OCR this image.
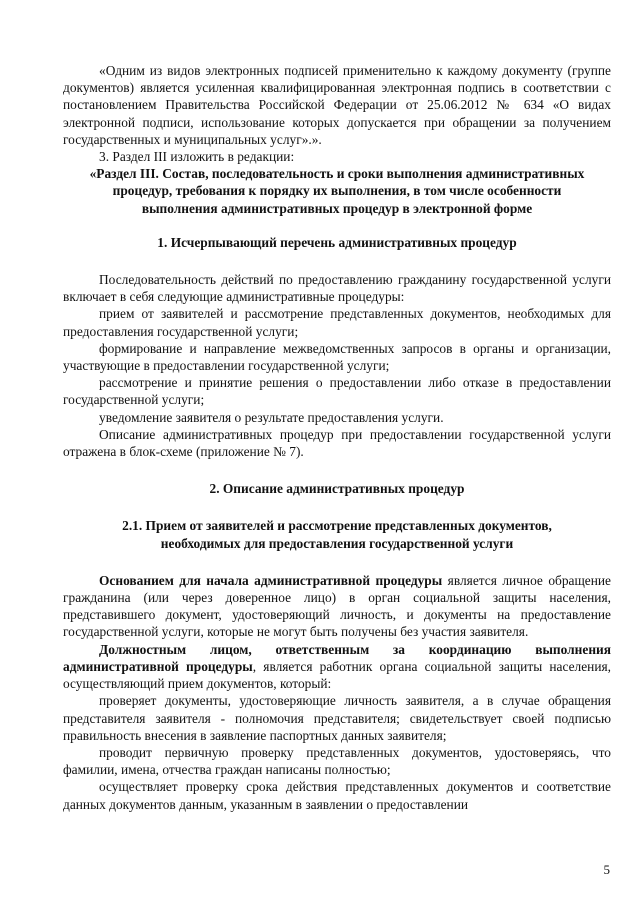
«Одним из видов электронных подписей применительно к каждому документу (группе документов) является усиленная квалифицированная электронная подпись в соответствии с постановлением Правительства Российской Федерации от 25.06.2012 № 634 «О видах электронной подписи, использование которых допускается при обращении за получением государственных и муниципальных услуг».».

3. Раздел III изложить в редакции:

«Раздел III. Состав, последовательность и сроки выполнения административных процедур, требования к порядку их выполнения, в том числе особенности выполнения административных процедур в электронной форме

1. Исчерпывающий перечень административных процедур

Последовательность действий по предоставлению гражданину государственной услуги включает в себя следующие административные процедуры:

прием от заявителей и рассмотрение представленных документов, необходимых для предоставления государственной услуги;

формирование и направление межведомственных запросов в органы и организации, участвующие в предоставлении государственной услуги;

рассмотрение и принятие решения о предоставлении либо отказе в предоставлении государственной услуги;

уведомление заявителя о результате предоставления услуги.

Описание административных процедур при предоставлении государственной услуги отражена в блок-схеме (приложение № 7).

2. Описание административных процедур

2.1. Прием от заявителей и рассмотрение представленных документов, необходимых для предоставления государственной услуги

Основанием для начала административной процедуры является личное обращение гражданина (или через доверенное лицо) в орган социальной защиты населения, представившего документ, удостоверяющий личность, и документы на предоставление государственной услуги, которые не могут быть получены без участия заявителя.

Должностным лицом, ответственным за координацию выполнения административной процедуры, является работник органа социальной защиты населения, осуществляющий прием документов, который:

проверяет документы, удостоверяющие личность заявителя, а в случае обращения представителя заявителя - полномочия представителя; свидетельствует своей подписью правильность внесения в заявление паспортных данных заявителя;

проводит первичную проверку представленных документов, удостоверяясь, что фамилии, имена, отчества граждан написаны полностью;

осуществляет проверку срока действия представленных документов и соответствие данных документов данным, указанным в заявлении о предоставлении

5
